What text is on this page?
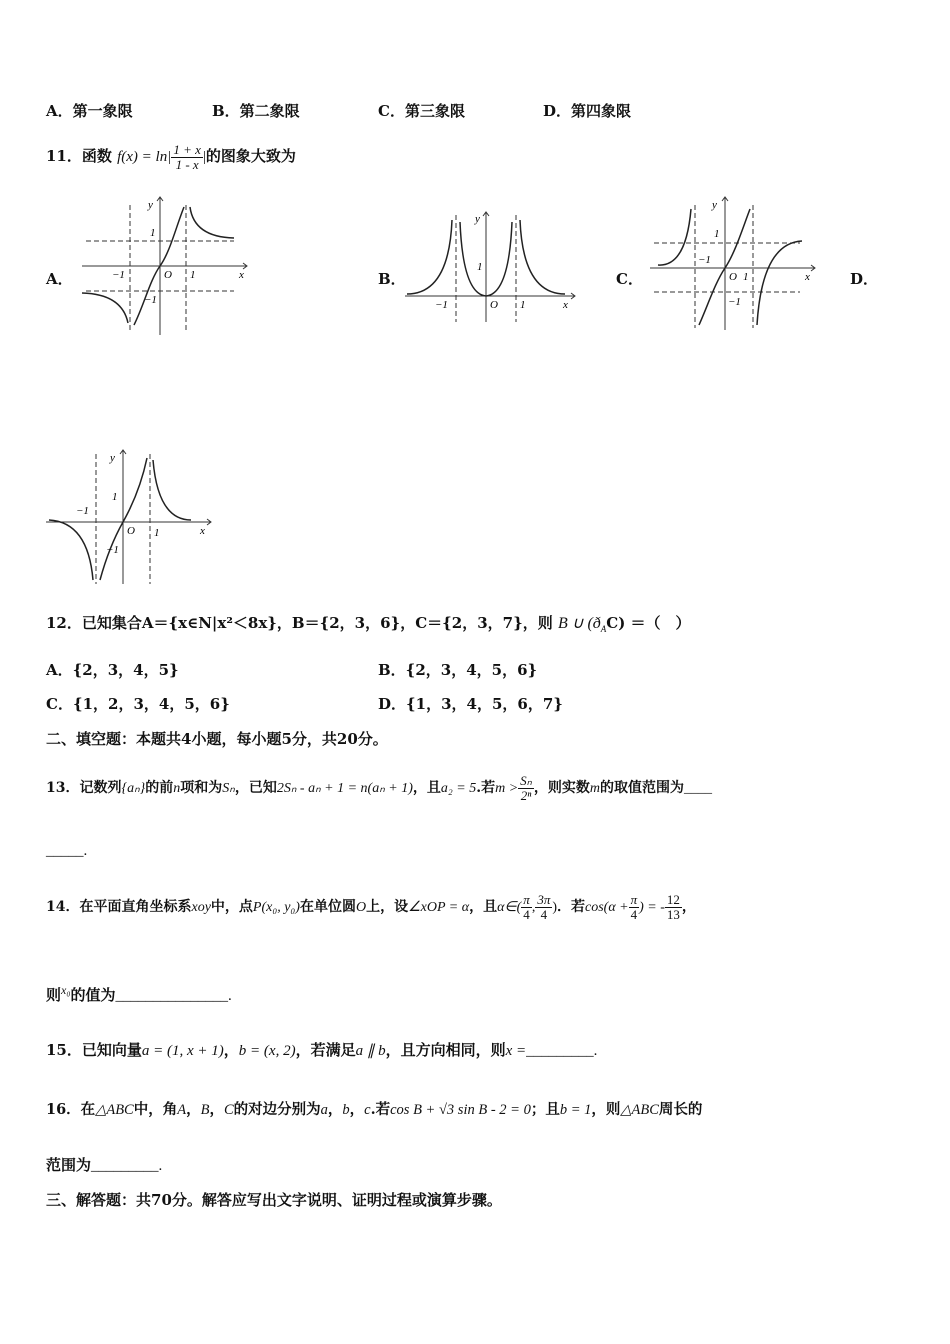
A．第一象限	B．第二象限	C．第三象限	D．第四象限
11．函数 $f(x) = \ln| \frac{1 + x}{1 - x}$ |的图象大致为
A．	B．	C．	D．
y
x
O 1
−1
1
−1
y
x
O 1
−1
1
y
x
O 1
−1
1
−1
y
x
O 1
−1
1
−1
12．已知集合A＝{x∈N|x²＜8x}，B＝{2，3，6}，C＝{2，3，7}，则 B ∪ $(ð_AC)$ ＝（　）
A．{2，3，4，5}	B．{2，3，4，5，6}
C．{1，2，3，4，5，6}	D．{1，3，4，5，6，7}
二、填空题：本题共4小题，每小题5分，共20分。
13．记数列{aₙ}的前n项和为Sₙ，已知2Sₙ - aₙ + 1 = n(aₙ + 1)，且a₂ = 5.若$m > \frac{\text{Sₙ}}{\text{2ⁿ}}$ ，则实数m的取值范围为____
_____.
14．在平面直角坐标系xoy中，点P(x₀, y₀)在单位圆O上，设∠xOP = α，且α∈( $\frac{\pi}{4}$ , $\frac{3\pi}{4}$ )．若$\cos(\alpha + \frac{\pi}{4}$ ) = - $\frac{12}{13}$ ，
则$^{x_0}$的值为_______________.
15．已知向量a = (1, x + 1)，b = (x, 2)，若满足a ∥ b，且方向相同，则x =_________.
16．在△ABC中，角A，B，C的对边分别为a，b，c.若cos B + √3 sin B - 2 = 0；且b = 1，则△ABC周长的
范围为_________.
三、解答题：共70分。解答应写出文字说明、证明过程或演算步骤。
